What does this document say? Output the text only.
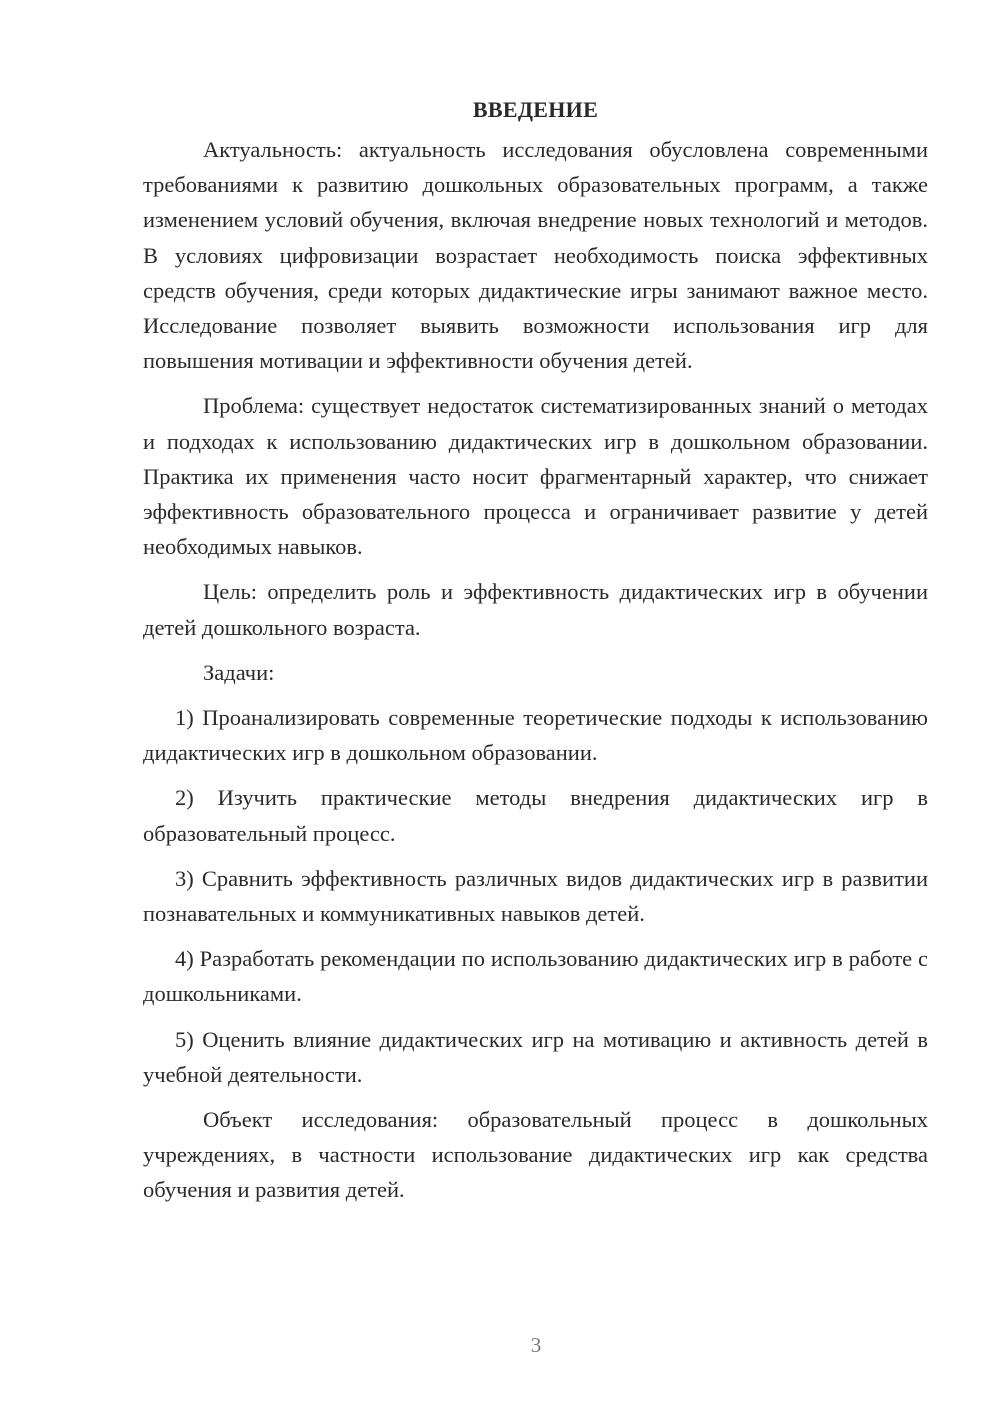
ВВЕДЕНИЕ

Актуальность: актуальность исследования обусловлена современными требованиями к развитию дошкольных образовательных программ, а также изменением условий обучения, включая внедрение новых технологий и методов. В условиях цифровизации возрастает необходимость поиска эффективных средств обучения, среди которых дидактические игры занимают важное место. Исследование позволяет выявить возможности использования игр для повышения мотивации и эффективности обучения детей.

Проблема: существует недостаток систематизированных знаний о методах и подходах к использованию дидактических игр в дошкольном образовании. Практика их применения часто носит фрагментарный характер, что снижает эффективность образовательного процесса и ограничивает развитие у детей необходимых навыков.

Цель: определить роль и эффективность дидактических игр в обучении детей дошкольного возраста.

Задачи:

1) Проанализировать современные теоретические подходы к использованию дидактических игр в дошкольном образовании.

2) Изучить практические методы внедрения дидактических игр в образовательный процесс.

3) Сравнить эффективность различных видов дидактических игр в развитии познавательных и коммуникативных навыков детей.

4) Разработать рекомендации по использованию дидактических игр в работе с дошкольниками.

5) Оценить влияние дидактических игр на мотивацию и активность детей в учебной деятельности.

Объект исследования: образовательный процесс в дошкольных учреждениях, в частности использование дидактических игр как средства обучения и развития детей.

3
